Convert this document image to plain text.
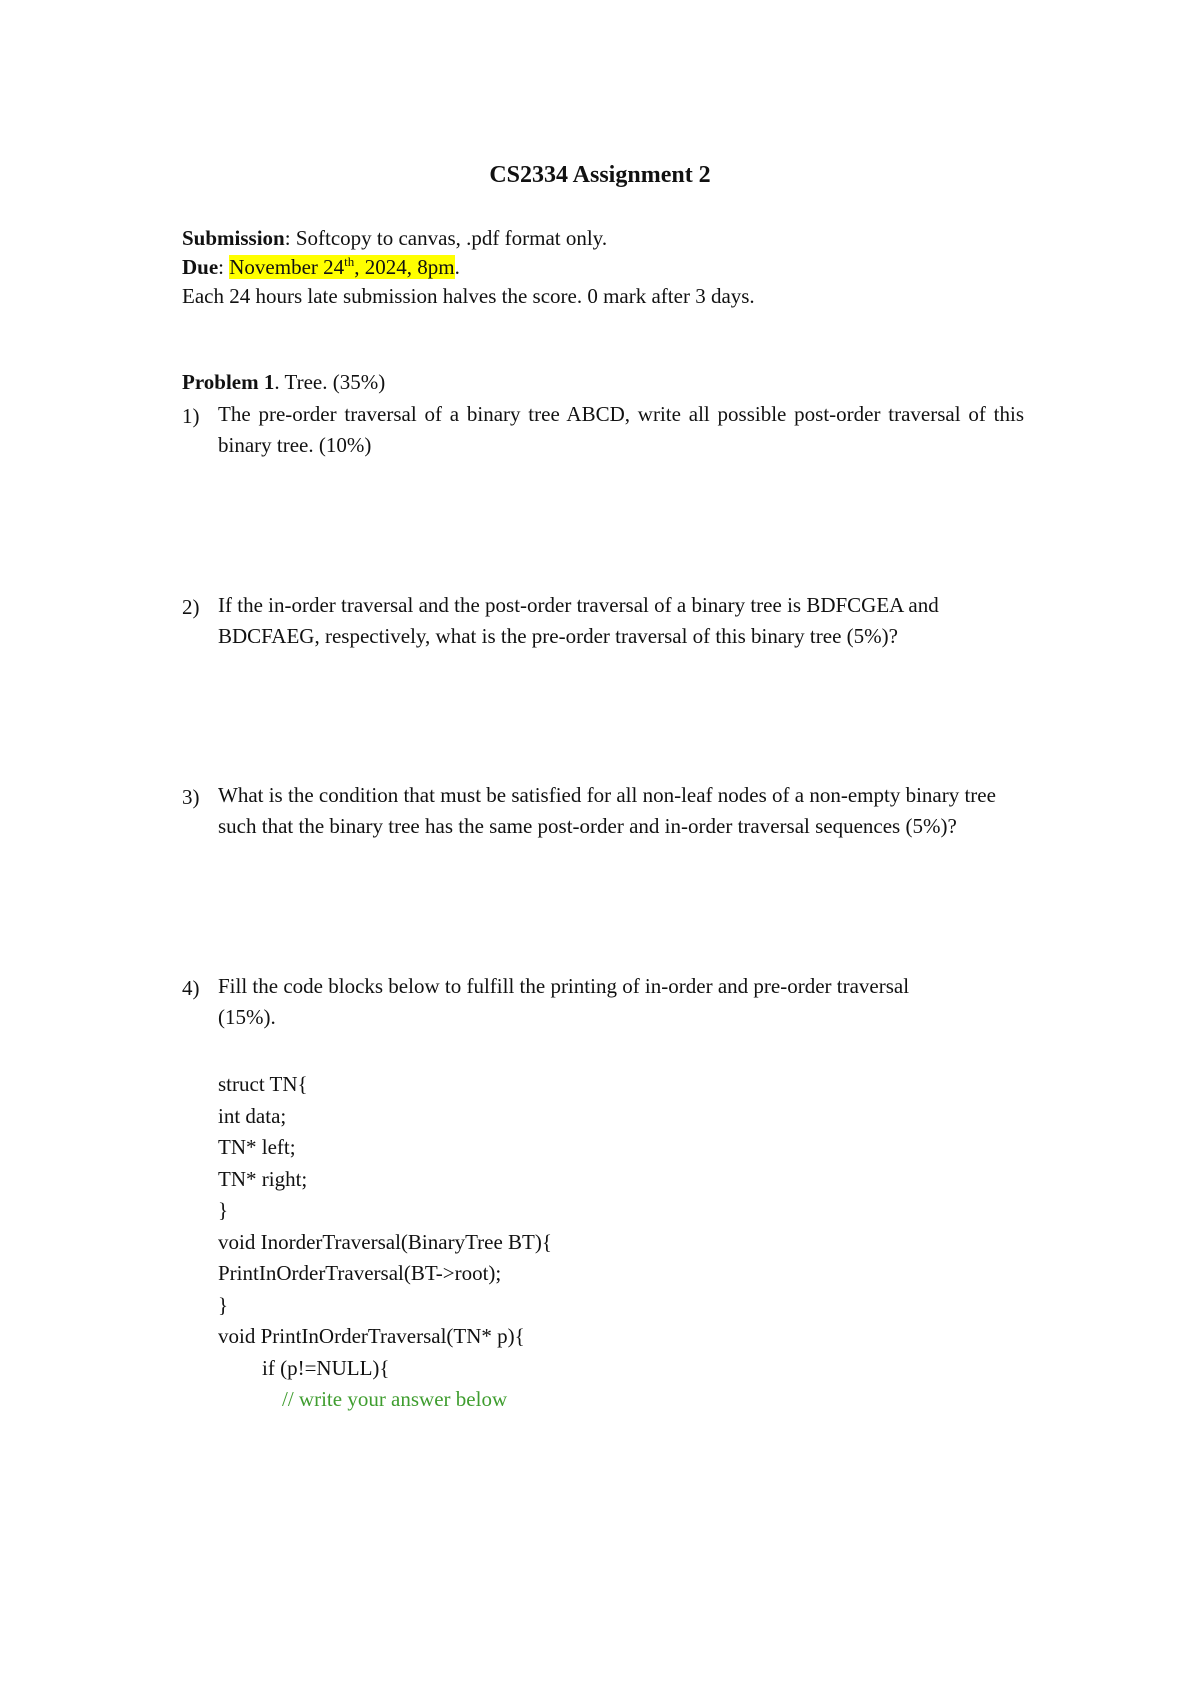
CS2334 Assignment 2

Submission: Softcopy to canvas, .pdf format only.

Due: November 24th, 2024, 8pm.

Each 24 hours late submission halves the score. 0 mark after 3 days.

Problem 1. Tree. (35%)

1) The pre-order traversal of a binary tree ABCD, write all possible post-order traversal of this binary tree. (10%)

2) If the in-order traversal and the post-order traversal of a binary tree is BDFCGEA and BDCFAEG, respectively, what is the pre-order traversal of this binary tree (5%)?

3) What is the condition that must be satisfied for all non-leaf nodes of a non-empty binary tree such that the binary tree has the same post-order and in-order traversal sequences (5%)?

4) Fill the code blocks below to fulfill the printing of in-order and pre-order traversal (15%).

struct TN{

int data;

TN* left;

TN* right;

}

void InorderTraversal(BinaryTree BT){

PrintInOrderTraversal(BT->root);

}

void PrintInOrderTraversal(TN* p){

if (p!=NULL){

// write your answer below
